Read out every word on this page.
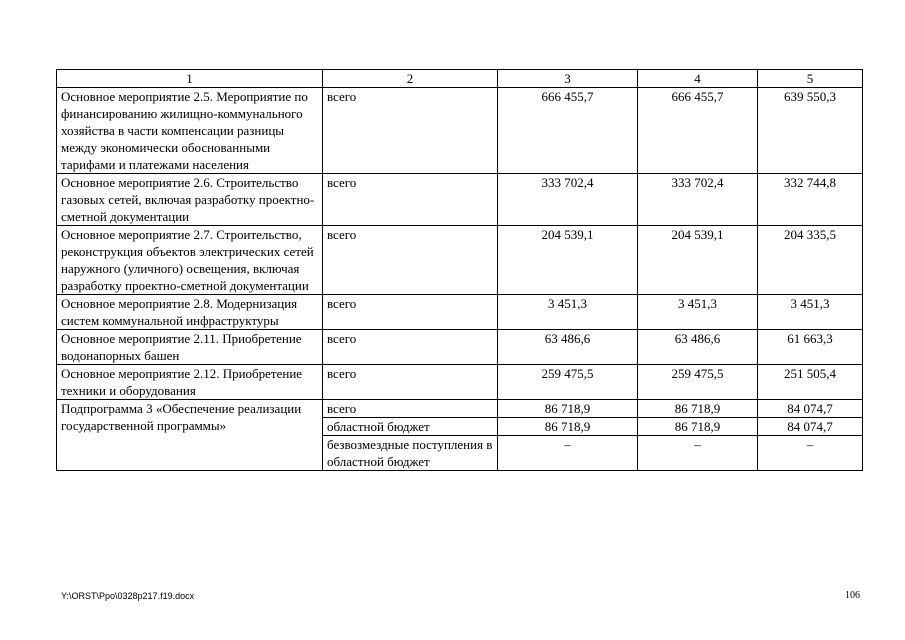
1	2	3	4	5
Основное мероприятие 2.5. Мероприятие по финансированию жилищно-коммунального хозяйства в части компенсации разницы между экономически обоснованными тарифами и платежами населения	всего	666 455,7	666 455,7	639 550,3
Основное мероприятие 2.6. Строительство газовых сетей, включая разработку проектно-сметной документации	всего	333 702,4	333 702,4	332 744,8
Основное мероприятие 2.7. Строительство, реконструкция объектов электрических сетей наружного (уличного) освещения, включая разработку проектно-сметной документации	всего	204 539,1	204 539,1	204 335,5
Основное мероприятие 2.8. Модернизация систем коммунальной инфраструктуры	всего	3 451,3	3 451,3	3 451,3
Основное мероприятие 2.11. Приобретение водонапорных башен	всего	63 486,6	63 486,6	61 663,3
Основное мероприятие 2.12. Приобретение техники и оборудования	всего	259 475,5	259 475,5	251 505,4
Подпрограмма 3 «Обеспечение реализации государственной программы»	всего	86 718,9	86 718,9	84 074,7
	областной бюджет	86 718,9	86 718,9	84 074,7
	безвозмездные поступления в областной бюджет	–	–	–
Y:\ORST\Ppo\0328p217.f19.docx	106
